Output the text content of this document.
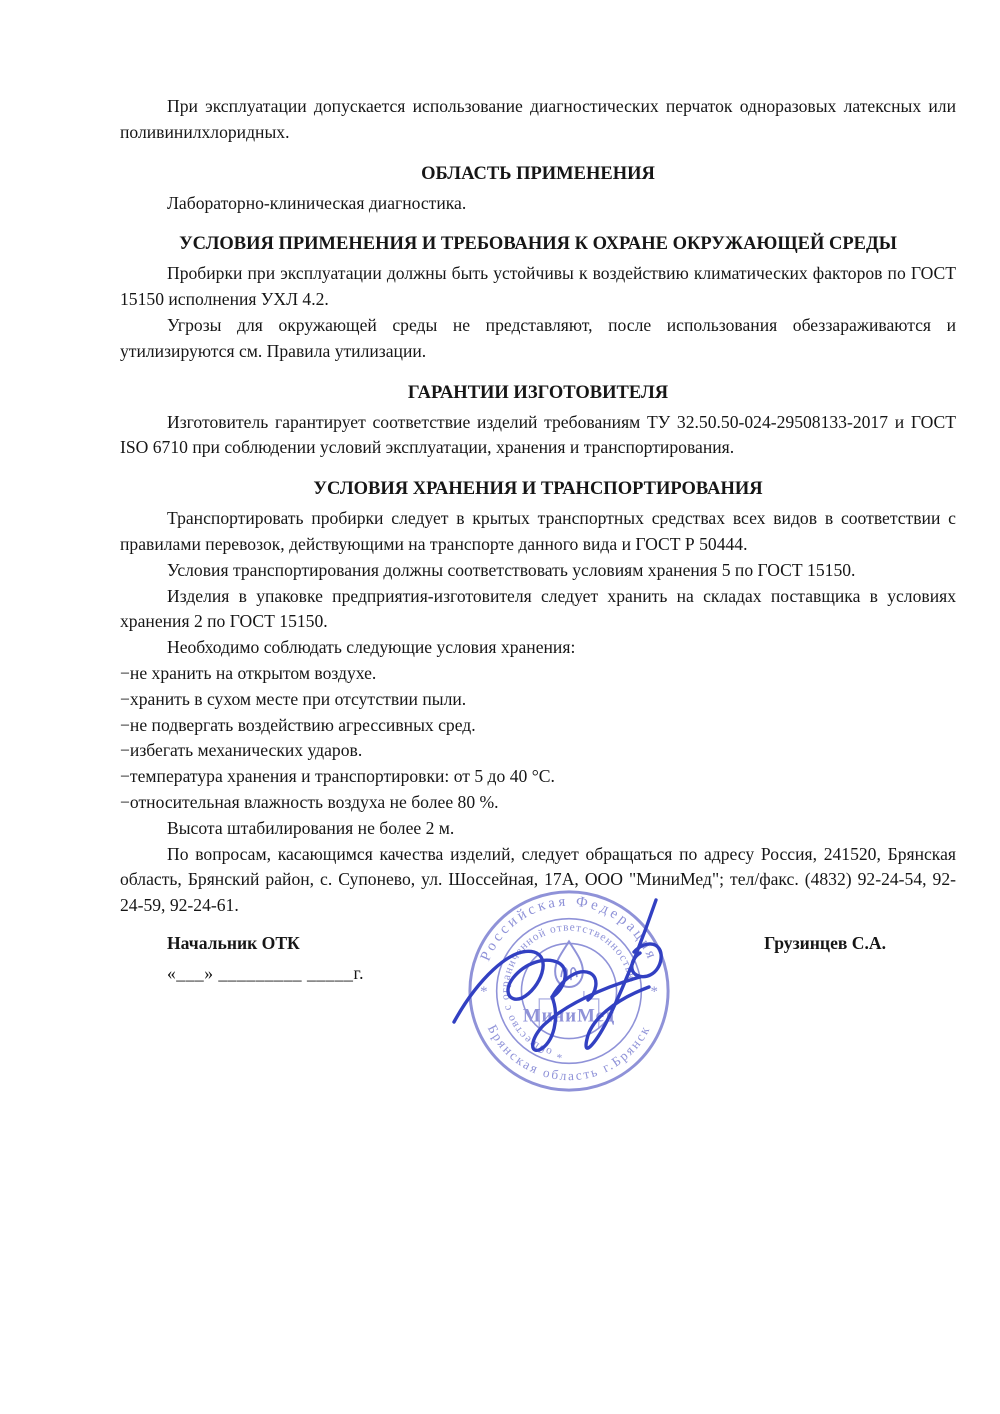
При эксплуатации допускается использование диагностических перчаток одноразовых латексных или поливинилхлоридных.

ОБЛАСТЬ ПРИМЕНЕНИЯ

Лабораторно-клиническая диагностика.

УСЛОВИЯ ПРИМЕНЕНИЯ И ТРЕБОВАНИЯ К ОХРАНЕ ОКРУЖАЮЩЕЙ СРЕДЫ

Пробирки при эксплуатации должны быть устойчивы к воздействию климатических факторов по ГОСТ 15150 исполнения УХЛ 4.2.

Угрозы для окружающей среды не представляют, после использования обеззараживаются и утилизируются см. Правила утилизации.

ГАРАНТИИ ИЗГОТОВИТЕЛЯ

Изготовитель гарантирует соответствие изделий требованиям ТУ 32.50.50-024-29508133-2017 и ГОСТ ISO 6710 при соблюдении условий эксплуатации, хранения и транспортирования.

УСЛОВИЯ ХРАНЕНИЯ И ТРАНСПОРТИРОВАНИЯ

Транспортировать пробирки следует в крытых транспортных средствах всех видов в соответствии с правилами перевозок, действующими на транспорте данного вида и ГОСТ Р 50444.

Условия транспортирования должны соответствовать условиям хранения 5 по ГОСТ 15150.

Изделия в упаковке предприятия-изготовителя следует хранить на складах поставщика в условиях хранения 2 по ГОСТ 15150.

Необходимо соблюдать следующие условия хранения:

−не хранить на открытом воздухе.

−хранить в сухом месте при отсутствии пыли.

−не подвергать воздействию агрессивных сред.

−избегать механических ударов.

−температура хранения и транспортировки: от 5 до 40 °С.

−относительная влажность воздуха не более 80 %.

Высота штабилирования не более 2 м.

По вопросам, касающимся качества изделий, следует обращаться по адресу Россия, 241520, Брянская область, Брянский район, с. Супонево, ул. Шоссейная, 17А, ООО "МиниМед"; тел/факс. (4832) 92-24-54, 92-24-59, 92-24-61.

Начальник ОТК

«___» _________ _____г.

Грузинцев С.А.

Российская Федерация
Брянская область г.Брянск
* общество с ограниченной ответственностью
*	*
МиниМед
